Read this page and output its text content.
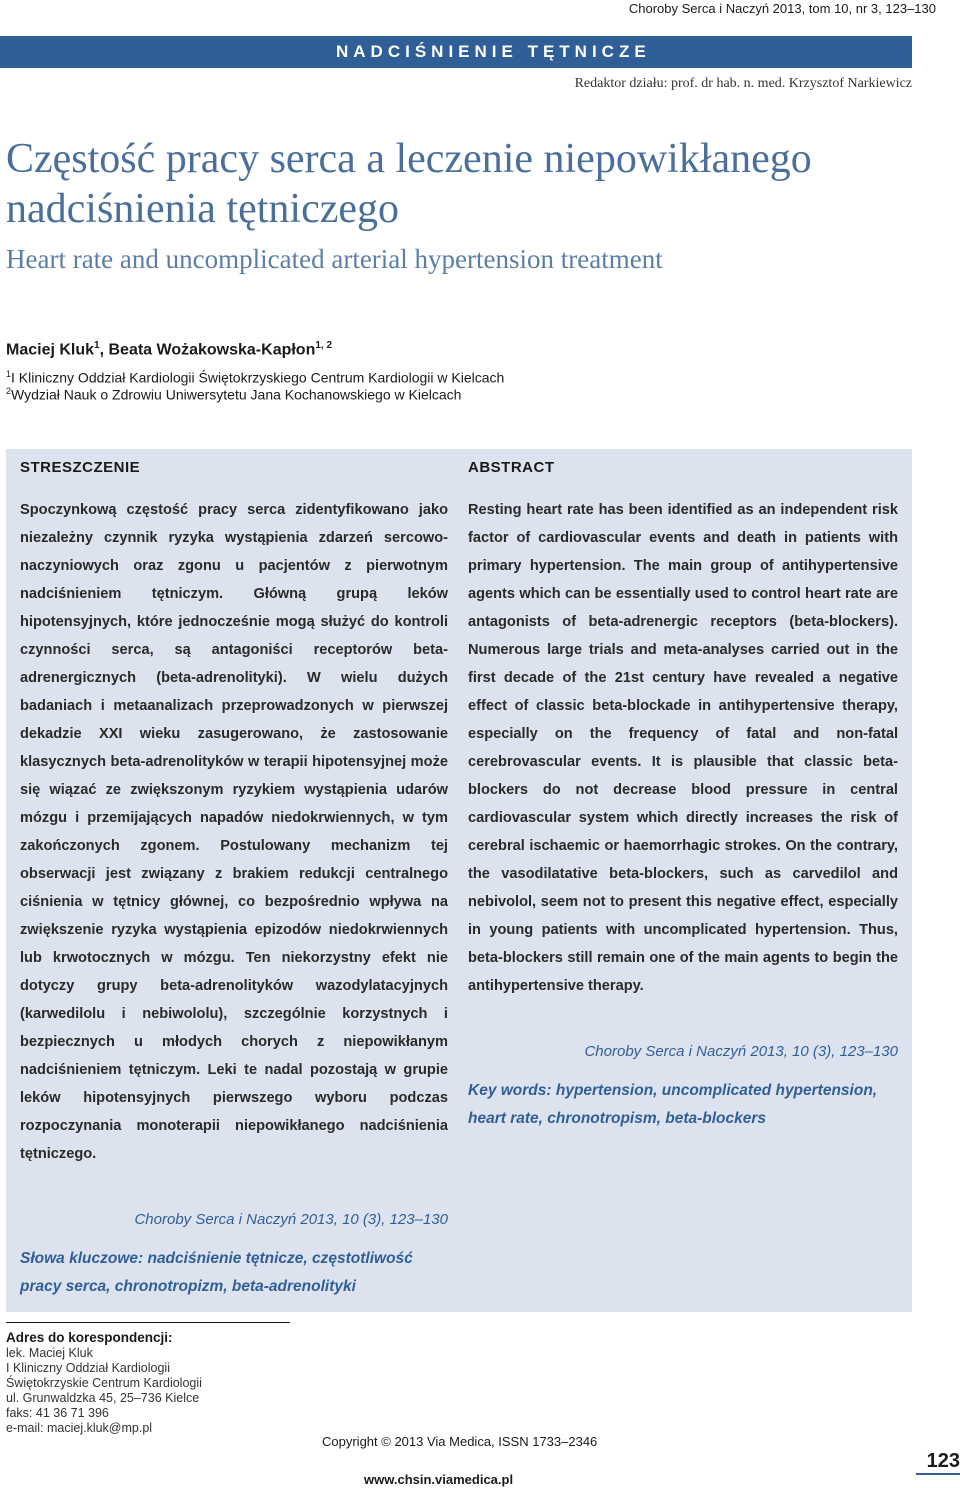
Choroby Serca i Naczyń 2013, tom 10, nr 3, 123–130
NADCIŚNIENIE TĘTNICZE
Redaktor działu: prof. dr hab. n. med. Krzysztof Narkiewicz
Częstość pracy serca a leczenie niepowikłanego nadciśnienia tętniczego
Heart rate and uncomplicated arterial hypertension treatment
Maciej Kluk$^1$, Beata Wożakowska-Kapłon$^{1, 2}$
$^1$I Kliniczny Oddział Kardiologii Świętokrzyskiego Centrum Kardiologii w Kielcach
$^2$Wydział Nauk o Zdrowiu Uniwersytetu Jana Kochanowskiego w Kielcach
STRESZCZENIE

Spoczynkową częstość pracy serca zidentyfikowano jako niezależny czynnik ryzyka wystąpienia zdarzeń sercowo-naczyniowych oraz zgonu u pacjentów z pierwotnym nadciśnieniem tętniczym. Główną grupą leków hipotensyjnych, które jednocześnie mogą służyć do kontroli czynności serca, są antagoniści receptorów beta-adrenergicznych (beta-adrenolityki). W wielu dużych badaniach i metaanalizach przeprowadzonych w pierwszej dekadzie XXI wieku zasugerowano, że zastosowanie klasycznych beta-adrenolityków w terapii hipotensyjnej może się wiązać ze zwiększonym ryzykiem wystąpienia udarów mózgu i przemijających napadów niedokrwiennych, w tym zakończonych zgonem. Postulowany mechanizm tej obserwacji jest związany z brakiem redukcji centralnego ciśnienia w tętnicy głównej, co bezpośrednio wpływa na zwiększenie ryzyka wystąpienia epizodów niedokrwiennych lub krwotocznych w mózgu. Ten niekorzystny efekt nie dotyczy grupy beta-adrenolityków wazodylatacyjnych (karwedilolu i nebiwololu), szczególnie korzystnych i bezpiecznych u młodych chorych z niepowikłanym nadciśnieniem tętniczym. Leki te nadal pozostają w grupie leków hipotensyjnych pierwszego wyboru podczas rozpoczynania monoterapii niepowikłanego nadciśnienia tętniczego.

Choroby Serca i Naczyń 2013, 10 (3), 123–130

Słowa kluczowe: nadciśnienie tętnicze, częstotliwość pracy serca, chronotropizm, beta-adrenolityki

ABSTRACT

Resting heart rate has been identified as an independent risk factor of cardiovascular events and death in patients with primary hypertension. The main group of antihypertensive agents which can be essentially used to control heart rate are antagonists of beta-adrenergic receptors (beta-blockers). Numerous large trials and meta-analyses carried out in the first decade of the 21st century have revealed a negative effect of classic beta-blockade in antihypertensive therapy, especially on the frequency of fatal and non-fatal cerebrovascular events. It is plausible that classic beta-blockers do not decrease blood pressure in central cardiovascular system which directly increases the risk of cerebral ischaemic or haemorrhagic strokes. On the contrary, the vasodilatative beta-blockers, such as carvedilol and nebivolol, seem not to present this negative effect, especially in young patients with uncomplicated hypertension. Thus, beta-blockers still remain one of the main agents to begin the antihypertensive therapy.

Choroby Serca i Naczyń 2013, 10 (3), 123–130

Key words: hypertension, uncomplicated hypertension, heart rate, chronotropism, beta-blockers

Adres do korespondencji:
lek. Maciej Kluk
I Kliniczny Oddział Kardiologii
Świętokrzyskie Centrum Kardiologii
ul. Grunwaldzka 45, 25–736 Kielce
faks: 41 36 71 396
e-mail: maciej.kluk@mp.pl
Copyright © 2013 Via Medica, ISSN 1733–2346
www.chsin.viamedica.pl
123
